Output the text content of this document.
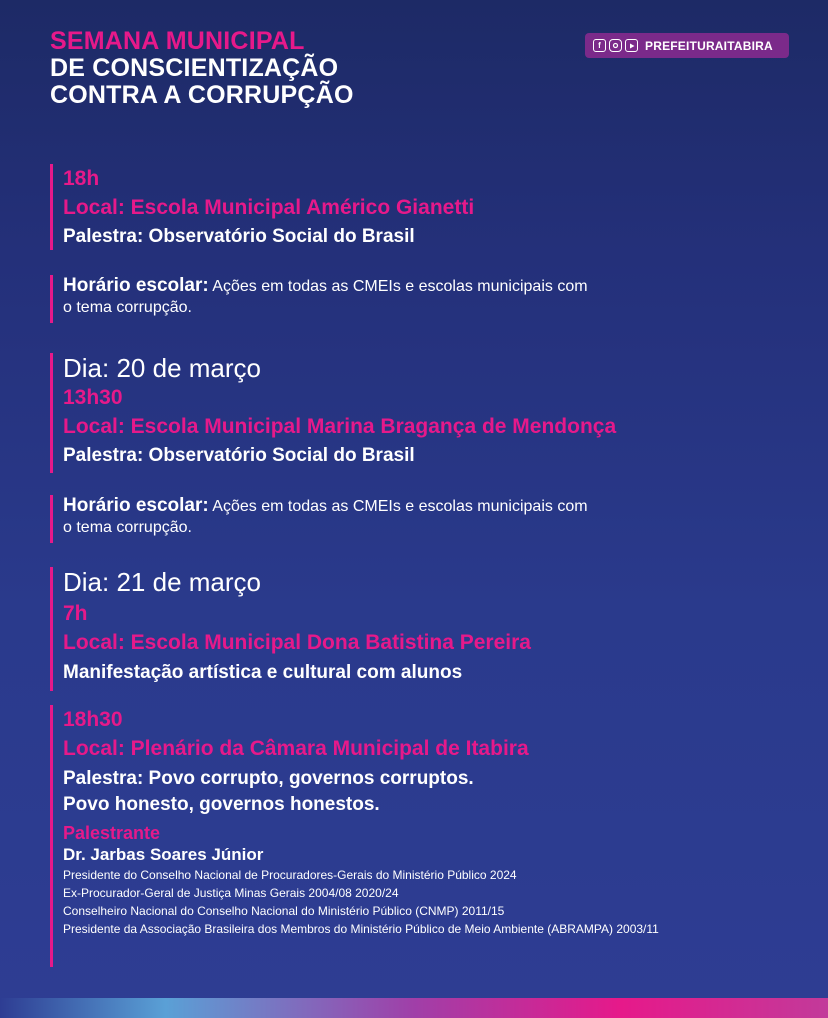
SEMANA MUNICIPAL
DE CONSCIENTIZAÇÃO
CONTRA A CORRUPÇÃO
f	PREFEITURAITABIRA
18h
Local: Escola Municipal Américo Gianetti
Palestra: Observatório Social do Brasil
Horário escolar: Ações em todas as CMEIs e escolas municipais com
o tema corrupção.
Dia: 20 de março
13h30
Local: Escola Municipal Marina Bragança de Mendonça
Palestra: Observatório Social do Brasil
Horário escolar: Ações em todas as CMEIs e escolas municipais com
o tema corrupção.
Dia: 21 de março
7h
Local: Escola Municipal Dona Batistina Pereira
Manifestação artística e cultural com alunos
18h30
Local: Plenário da Câmara Municipal de Itabira
Palestra: Povo corrupto, governos corruptos.
Povo honesto, governos honestos.
Palestrante
Dr. Jarbas Soares Júnior
Presidente do Conselho Nacional de Procuradores-Gerais do Ministério Público 2024
Ex-Procurador-Geral de Justiça Minas Gerais 2004/08 2020/24
Conselheiro Nacional do Conselho Nacional do Ministério Público (CNMP) 2011/15
Presidente da Associação Brasileira dos Membros do Ministério Público de Meio Ambiente (ABRAMPA) 2003/11
